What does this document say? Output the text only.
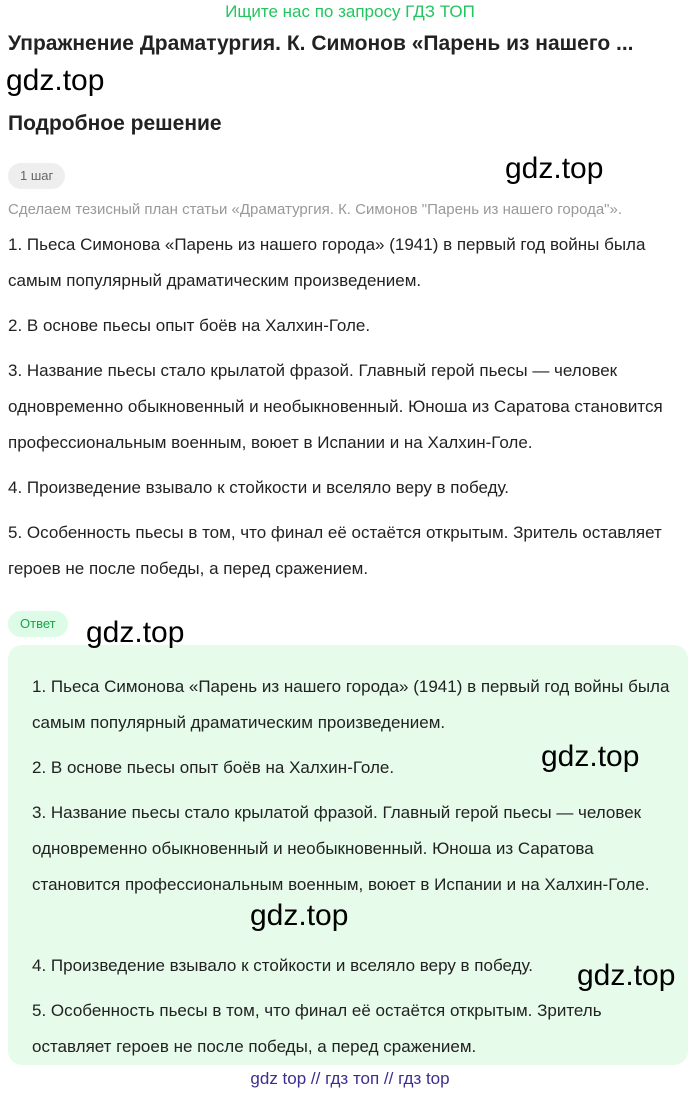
Ищите нас по запросу ГДЗ ТОП
Упражнение Драматургия. К. Симонов «Парень из нашего ...
gdz.top
Подробное решение
gdz.top
1 шаг
Сделаем тезисный план статьи «Драматургия. К. Симонов "Парень из нашего города"».
1. Пьеса Симонова «Парень из нашего города» (1941) в первый год войны была самым популярный драматическим произведением.
2. В основе пьесы опыт боёв на Халхин-Голе.
3. Название пьесы стало крылатой фразой. Главный герой пьесы — человек одновременно обыкновенный и необыкновенный. Юноша из Саратова становится профессиональным военным, воюет в Испании и на Халхин-Голе.
4. Произведение взывало к стойкости и вселяло веру в победу.
5. Особенность пьесы в том, что финал её остаётся открытым. Зритель оставляет героев не после победы, а перед сражением.
Ответ
1. Пьеса Симонова «Парень из нашего города» (1941) в первый год войны была самым популярный драматическим произведением.
2. В основе пьесы опыт боёв на Халхин-Голе.
3. Название пьесы стало крылатой фразой. Главный герой пьесы — человек одновременно обыкновенный и необыкновенный. Юноша из Саратова становится профессиональным военным, воюет в Испании и на Халхин-Голе.
4. Произведение взывало к стойкости и вселяло веру в победу.
5. Особенность пьесы в том, что финал её остаётся открытым. Зритель оставляет героев не после победы, а перед сражением.
gdz.top
gdz.top
gdz.top
gdz.top
gdz top // гдз топ // гдз top
